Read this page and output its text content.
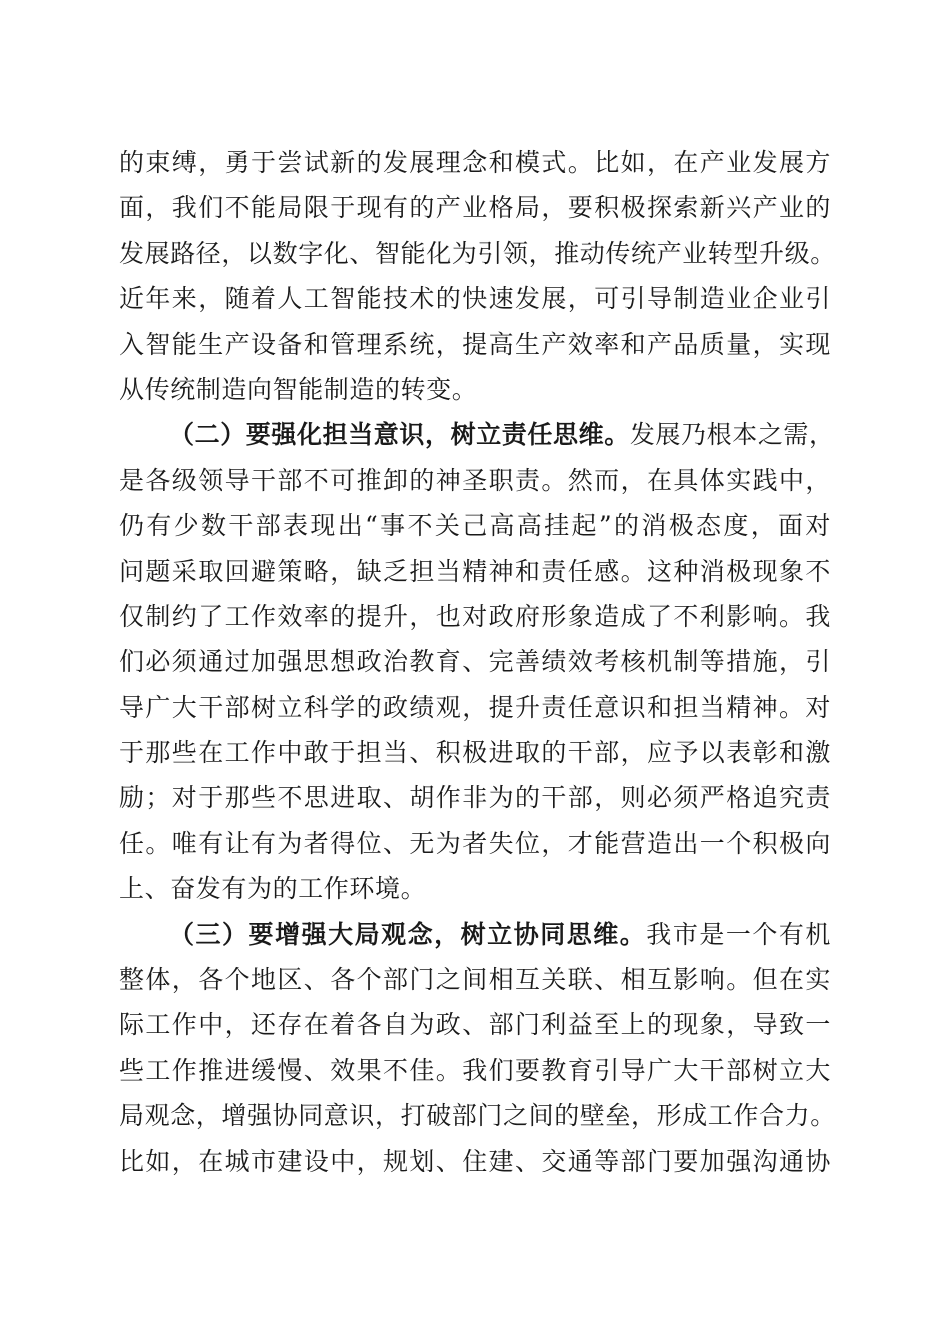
的束缚，勇于尝试新的发展理念和模式。比如，在产业发展方
面，我们不能局限于现有的产业格局，要积极探索新兴产业的
发展路径，以数字化、智能化为引领，推动传统产业转型升级。
近年来，随着人工智能技术的快速发展，可引导制造业企业引
入智能生产设备和管理系统，提高生产效率和产品质量，实现
从传统制造向智能制造的转变。
（二）要强化担当意识，树立责任思维。发展乃根本之需，
是各级领导干部不可推卸的神圣职责。然而，在具体实践中，
仍有少数干部表现出“事不关己高高挂起”的消极态度，面对
问题采取回避策略，缺乏担当精神和责任感。这种消极现象不
仅制约了工作效率的提升，也对政府形象造成了不利影响。我
们必须通过加强思想政治教育、完善绩效考核机制等措施，引
导广大干部树立科学的政绩观，提升责任意识和担当精神。对
于那些在工作中敢于担当、积极进取的干部，应予以表彰和激
励；对于那些不思进取、胡作非为的干部，则必须严格追究责
任。唯有让有为者得位、无为者失位，才能营造出一个积极向
上、奋发有为的工作环境。
（三）要增强大局观念，树立协同思维。我市是一个有机
整体，各个地区、各个部门之间相互关联、相互影响。但在实
际工作中，还存在着各自为政、部门利益至上的现象，导致一
些工作推进缓慢、效果不佳。我们要教育引导广大干部树立大
局观念，增强协同意识，打破部门之间的壁垒，形成工作合力。
比如，在城市建设中，规划、住建、交通等部门要加强沟通协
